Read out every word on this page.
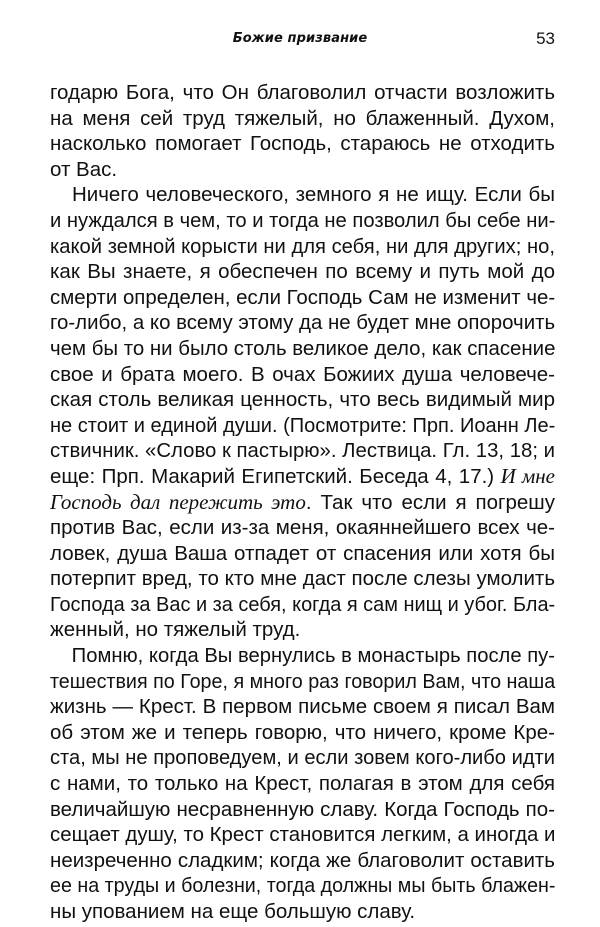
Божие призвание	53
годарю Бога, что Он благоволил отчасти возложить
на меня сей труд тяжелый, но блаженный. Духом,
насколько помогает Господь, стараюсь не отходить
от Вас.
Ничего человеческого, земного я не ищу. Если бы
и нуждался в чем, то и тогда не позволил бы себе ни-
какой земной корысти ни для себя, ни для других; но,
как Вы знаете, я обеспечен по всему и путь мой до
смерти определен, если Господь Сам не изменит че-
го-либо, а ко всему этому да не будет мне опорочить
чем бы то ни было столь великое дело, как спасение
свое и брата моего. В очах Божиих душа человече-
ская столь великая ценность, что весь видимый мир
не стоит и единой души. (Посмотрите: Прп. Иоанн Ле-
ствичник. «Слово к пастырю». Лествица. Гл. 13, 18; и
еще: Прп. Макарий Египетский. Беседа 4, 17.) И мне
Господь дал пережить это. Так что если я погрешу
против Вас, если из-за меня, окаяннейшего всех че-
ловек, душа Ваша отпадет от спасения или хотя бы
потерпит вред, то кто мне даст после слезы умолить
Господа за Вас и за себя, когда я сам нищ и убог. Бла-
женный, но тяжелый труд.
Помню, когда Вы вернулись в монастырь после пу-
тешествия по Горе, я много раз говорил Вам, что наша
жизнь — Крест. В первом письме своем я писал Вам
об этом же и теперь говорю, что ничего, кроме Кре-
ста, мы не проповедуем, и если зовем кого-либо идти
с нами, то только на Крест, полагая в этом для себя
величайшую несравненную славу. Когда Господь по-
сещает душу, то Крест становится легким, а иногда и
неизреченно сладким; когда же благоволит оставить
ее на труды и болезни, тогда должны мы быть блажен-
ны упованием на еще большую славу.
